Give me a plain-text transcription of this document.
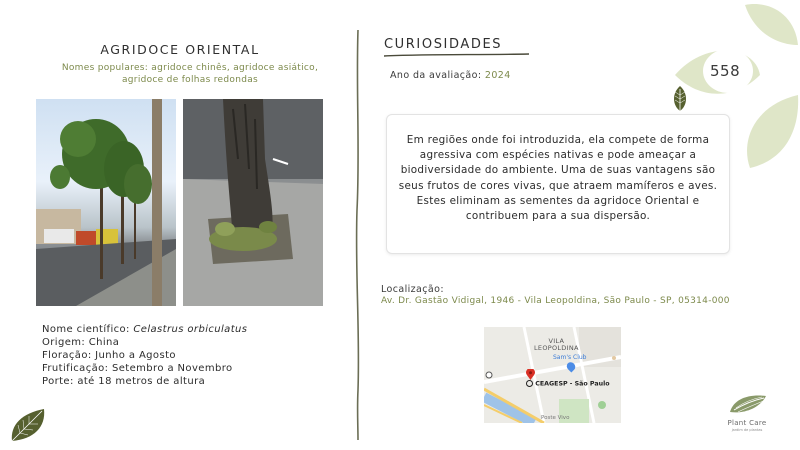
558
AGRIDOCE ORIENTAL
Nomes populares: agridoce chinês, agridoce asiático, agridoce de folhas redondas
Nome científico: Celastrus orbiculatus
Origem: China
Floração: Junho a Agosto
Frutificação: Setembro a Novembro
Porte: até 18 metros de altura
CURIOSIDADES
Ano da avaliação: 2024
Em regiões onde foi introduzida, ela compete de forma agressiva com espécies nativas e pode ameaçar a biodiversidade do ambiente. Uma de suas vantagens são seus frutos de cores vivas, que atraem mamíferos e aves. Estes eliminam as sementes da agridoce Oriental e contribuem para a sua dispersão.
Localização:
Av. Dr. Gastão Vidigal, 1946 - Vila Leopoldina, São Paulo - SP, 05314-000
VILA
LEOPOLDINA
Sam's Club
CEAGESP - São Paulo
Poste Vivo
Plant Care
jardim de plantas
